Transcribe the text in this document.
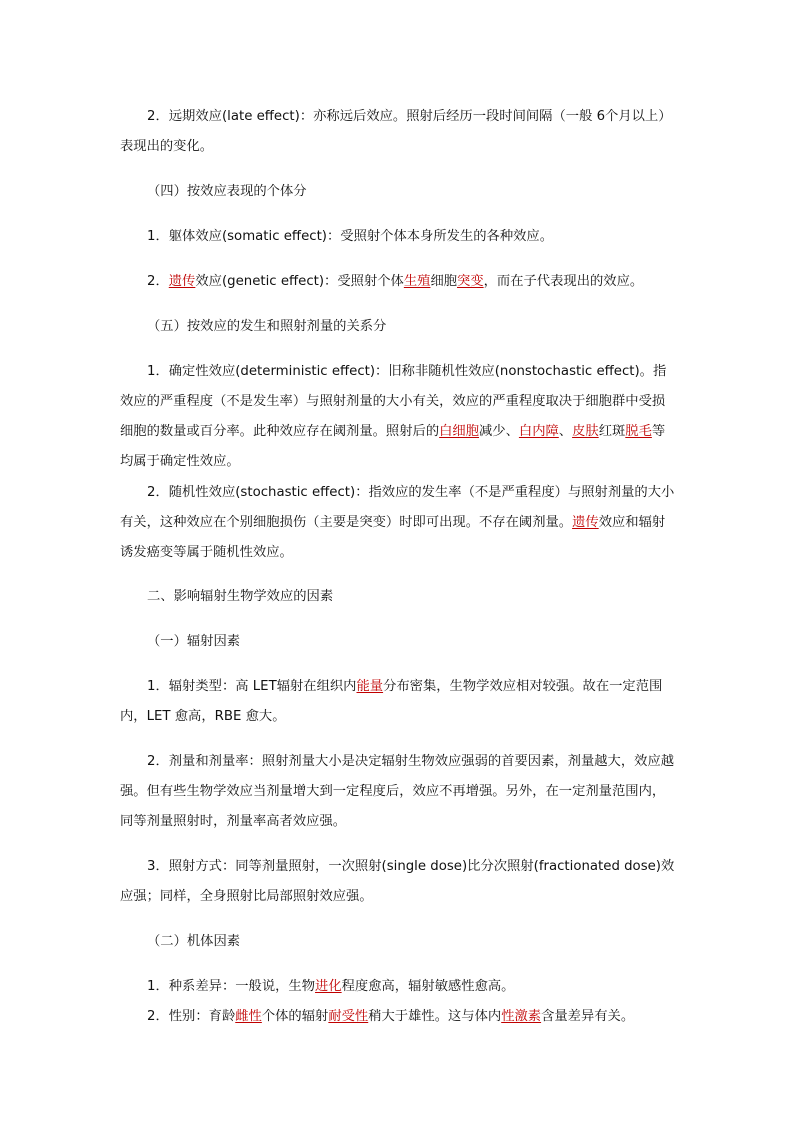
2．远期效应(late effect)：亦称远后效应。照射后经历一段时间间隔（一般 6个月以上）表现出的变化。

（四）按效应表现的个体分

1．躯体效应(somatic effect)：受照射个体本身所发生的各种效应。

2．遗传效应(genetic effect)：受照射个体生殖细胞突变，而在子代表现出的效应。

（五）按效应的发生和照射剂量的关系分

1．确定性效应(deterministic effect)：旧称非随机性效应(nonstochastic effect)。指效应的严重程度（不是发生率）与照射剂量的大小有关，效应的严重程度取决于细胞群中受损细胞的数量或百分率。此种效应存在阈剂量。照射后的白细胞减少、白内障、皮肤红斑脱毛等均属于确定性效应。

2．随机性效应(stochastic effect)：指效应的发生率（不是严重程度）与照射剂量的大小有关，这种效应在个别细胞损伤（主要是突变）时即可出现。不存在阈剂量。遗传效应和辐射诱发癌变等属于随机性效应。

二、影响辐射生物学效应的因素

（一）辐射因素

1．辐射类型：高 LET辐射在组织内能量分布密集，生物学效应相对较强。故在一定范围内，LET 愈高，RBE 愈大。

2．剂量和剂量率：照射剂量大小是决定辐射生物效应强弱的首要因素，剂量越大，效应越强。但有些生物学效应当剂量增大到一定程度后，效应不再增强。另外，在一定剂量范围内，同等剂量照射时，剂量率高者效应强。

3．照射方式：同等剂量照射，一次照射(single dose)比分次照射(fractionated dose)效应强；同样，全身照射比局部照射效应强。

（二）机体因素

1．种系差异：一般说，生物进化程度愈高，辐射敏感性愈高。

2．性别：育龄雌性个体的辐射耐受性稍大于雄性。这与体内性激素含量差异有关。
